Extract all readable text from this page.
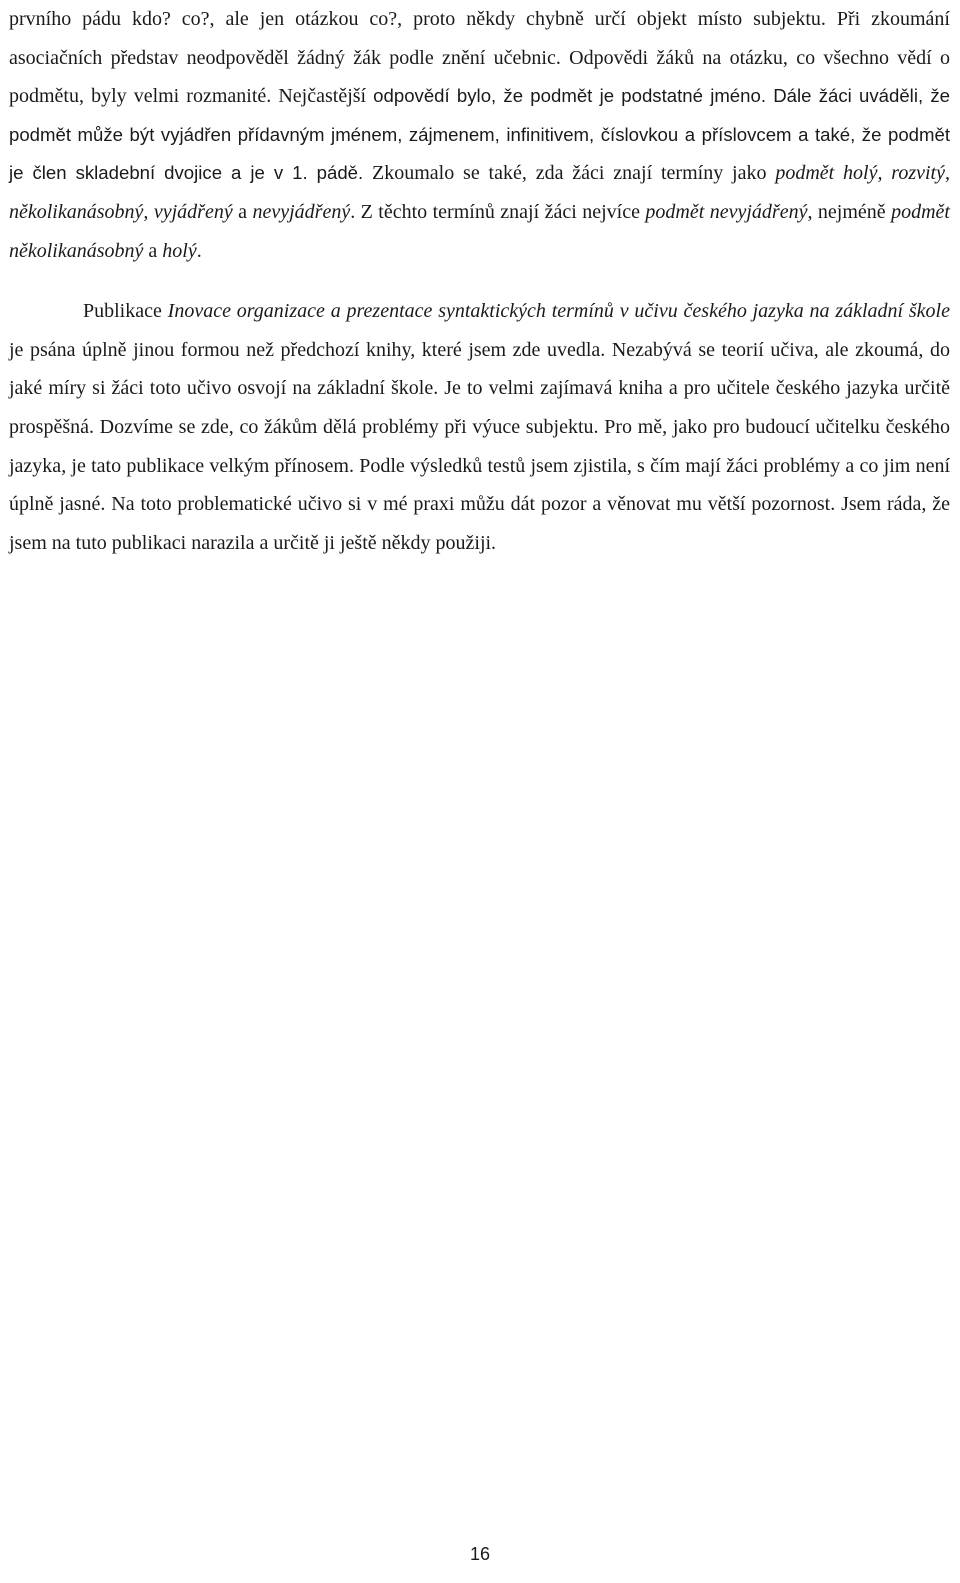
prvního pádu kdo? co?, ale jen otázkou co?, proto někdy chybně určí objekt místo subjektu. Při zkoumání asociačních představ neodpověděl žádný žák podle znění učebnic. Odpovědi žáků na otázku, co všechno vědí o podmětu, byly velmi rozmanité. Nejčastější odpovědí bylo, že podmět je podstatné jméno. Dále žáci uváděli, že podmět může být vyjádřen přídavným jménem, zájmenem, infinitivem, číslovkou a příslovcem a také, že podmět je člen skladební dvojice a je v 1. pádě. Zkoumalo se také, zda žáci znají termíny jako podmět holý, rozvitý, několikanásobný, vyjádřený a nevyjádřený. Z těchto termínů znají žáci nejvíce podmět nevyjádřený, nejméně podmět několikanásobný a holý.

Publikace Inovace organizace a prezentace syntaktických termínů v učivu českého jazyka na základní škole je psána úplně jinou formou než předchozí knihy, které jsem zde uvedla. Nezabývá se teorií učiva, ale zkoumá, do jaké míry si žáci toto učivo osvojí na základní škole. Je to velmi zajímavá kniha a pro učitele českého jazyka určitě prospěšná. Dozvíme se zde, co žákům dělá problémy při výuce subjektu. Pro mě, jako pro budoucí učitelku českého jazyka, je tato publikace velkým přínosem. Podle výsledků testů jsem zjistila, s čím mají žáci problémy a co jim není úplně jasné. Na toto problematické učivo si v mé praxi můžu dát pozor a věnovat mu větší pozornost. Jsem ráda, že jsem na tuto publikaci narazila a určitě ji ještě někdy použiji.

16
